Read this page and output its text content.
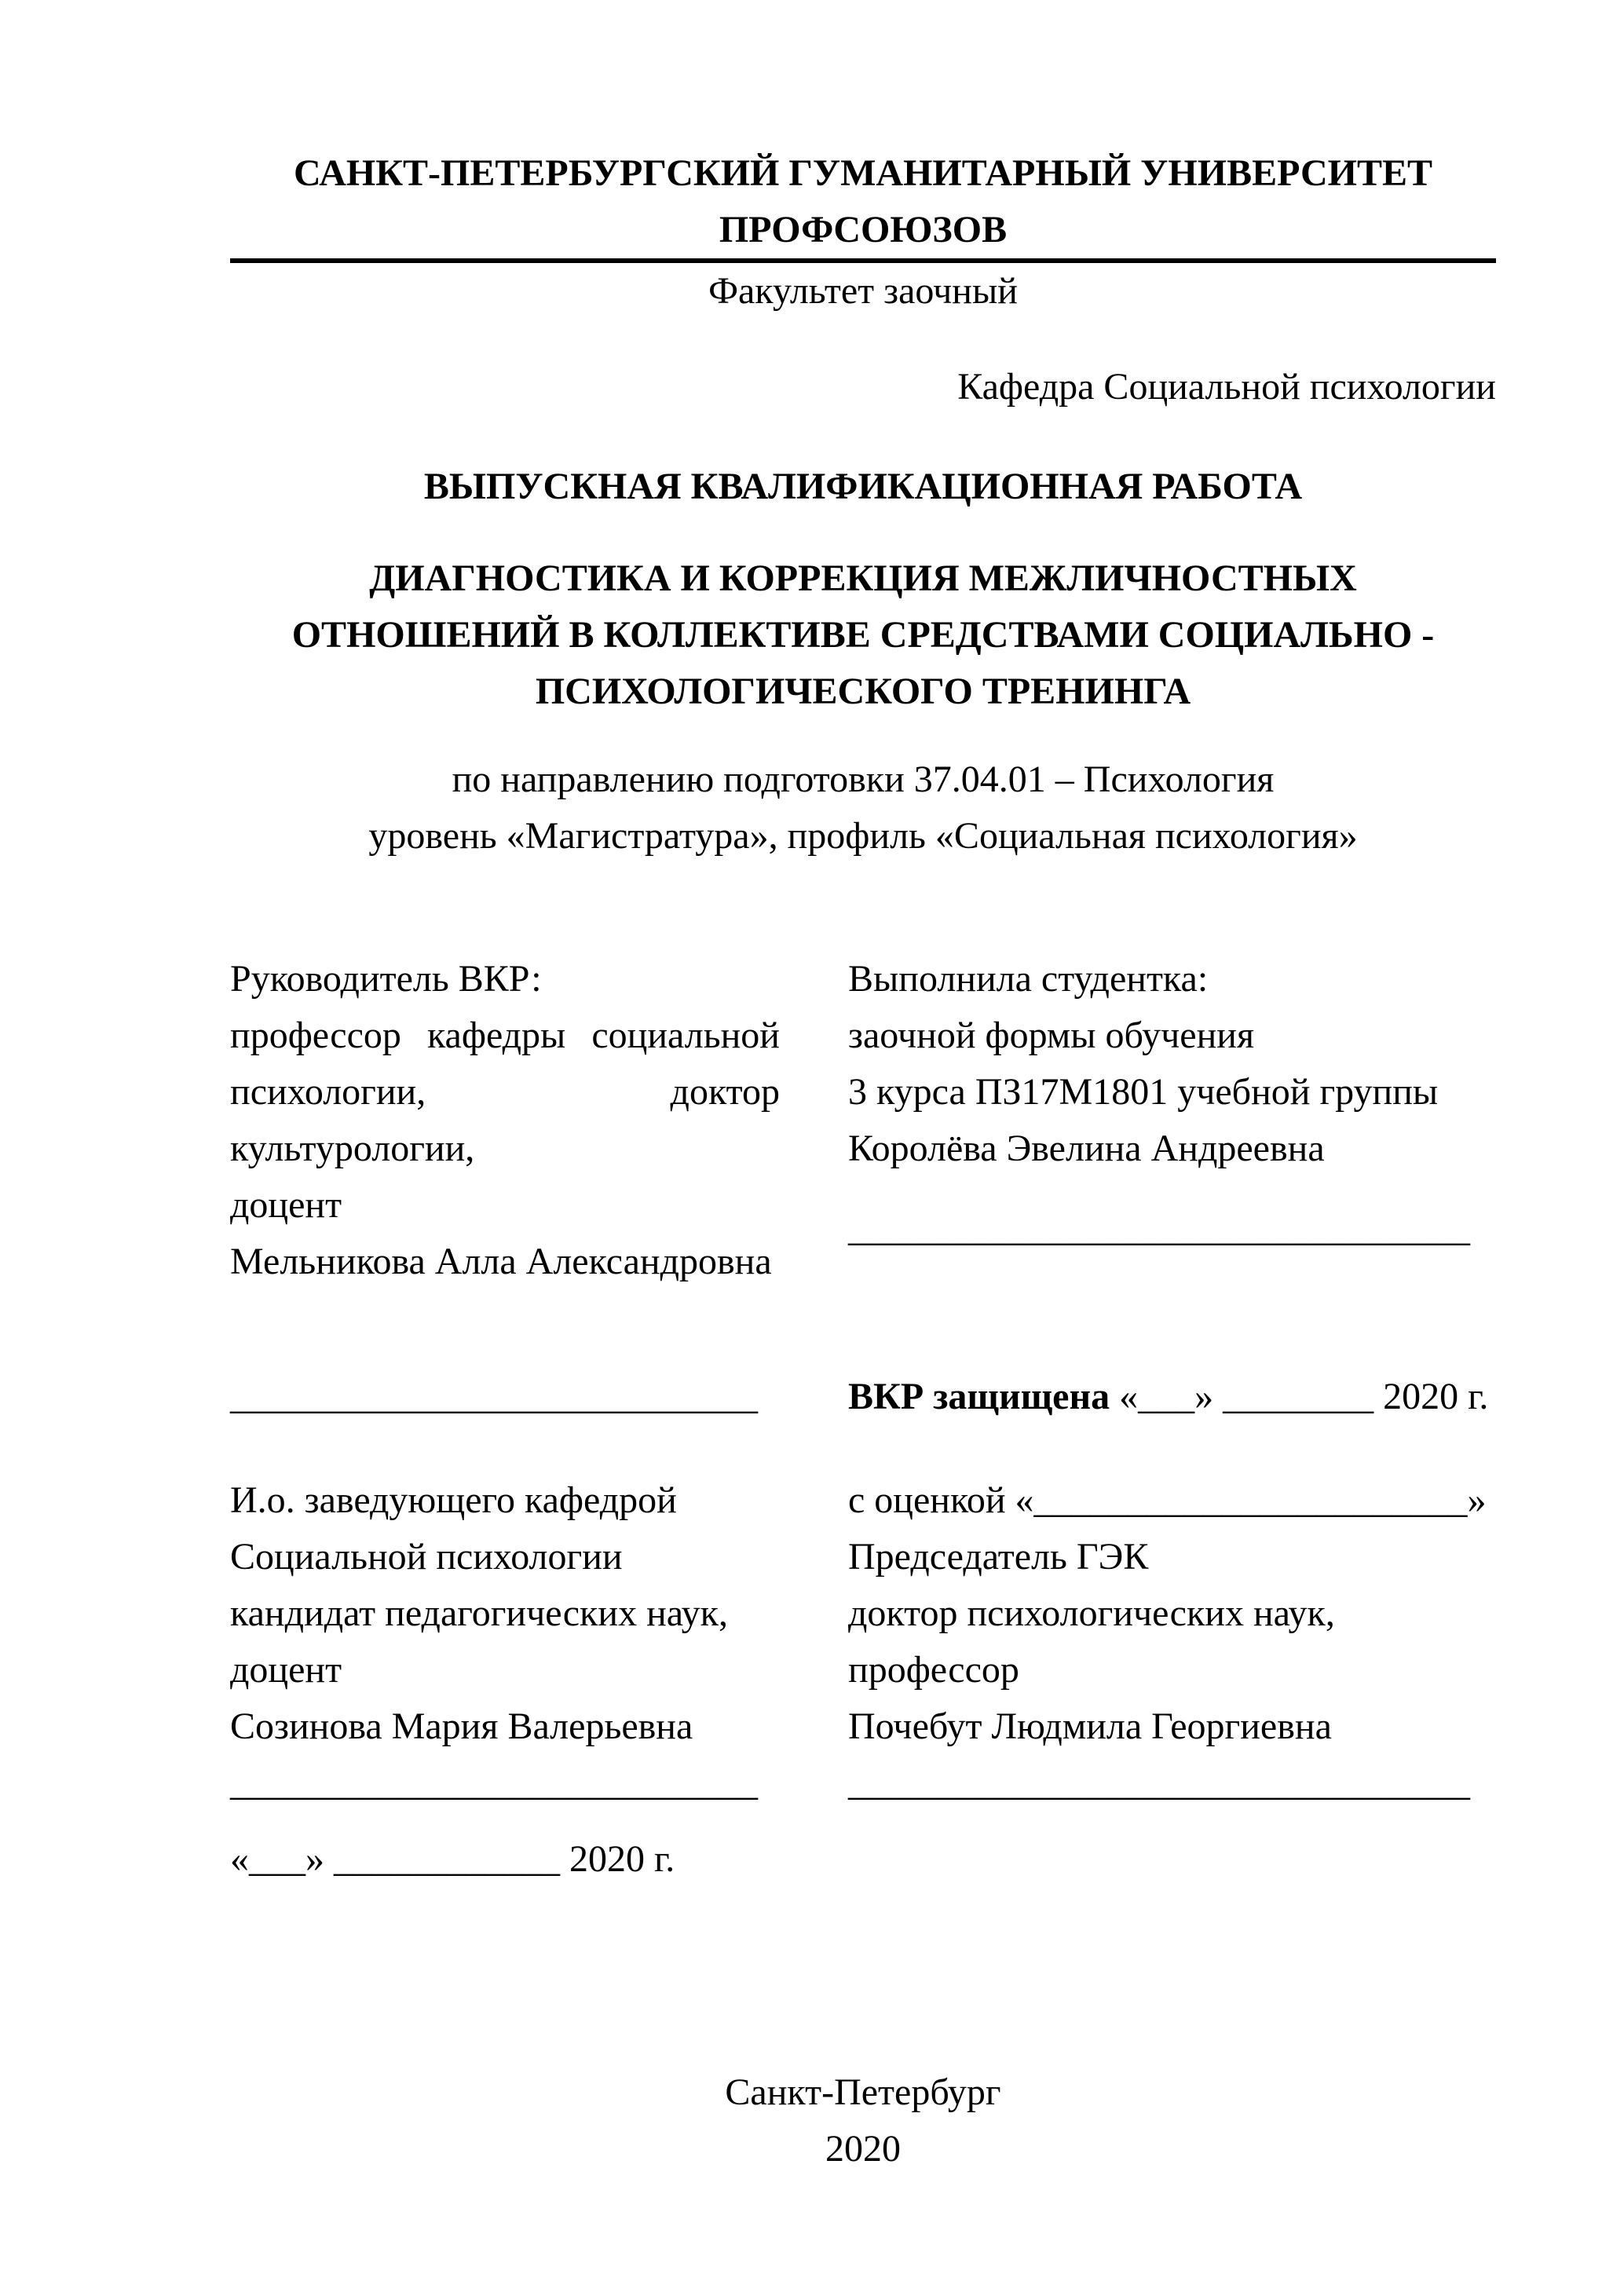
САНКТ-ПЕТЕРБУРГСКИЙ ГУМАНИТАРНЫЙ УНИВЕРСИТЕТ
ПРОФСОЮЗОВ
Факультет заочный
Кафедра Социальной психологии
ВЫПУСКНАЯ КВАЛИФИКАЦИОННАЯ РАБОТА
ДИАГНОСТИКА И КОРРЕКЦИЯ МЕЖЛИЧНОСТНЫХ
ОТНОШЕНИЙ В КОЛЛЕКТИВЕ СРЕДСТВАМИ СОЦИАЛЬНО -
ПСИХОЛОГИЧЕСКОГО ТРЕНИНГА
по направлению подготовки 37.04.01 – Психология
уровень «Магистратура», профиль «Социальная психология»
Руководитель ВКР:
профессор кафедры социальной
психологии, доктор культурологии,
доцент
Мельникова Алла Александровна
Выполнила студентка:
заочной формы обучения
3 курса ПЗ17М1801 учебной группы
Королёва Эвелина Андреевна
_________________________________
____________________________	ВКР защищена «___» ________ 2020 г.
И.о. заведующего кафедрой
Социальной психологии
кандидат педагогических наук,
доцент
Созинова Мария Валерьевна
с оценкой «_______________________»
Председатель ГЭК
доктор психологических наук,
профессор
Почебут Людмила Георгиевна
____________________________	_________________________________
«___» ____________ 2020 г.
Санкт-Петербург
2020
